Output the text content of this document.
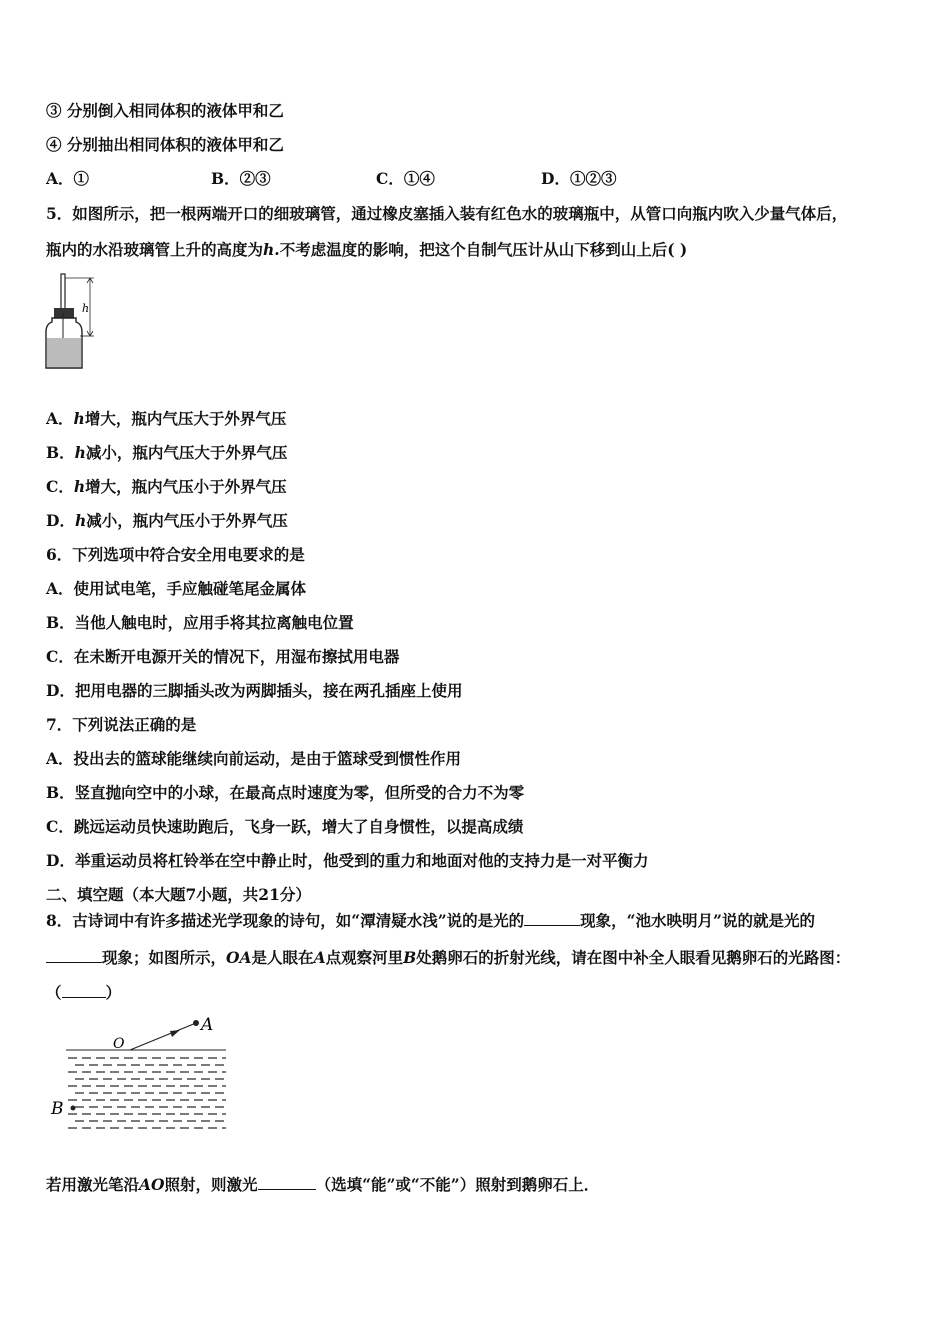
③ 分别倒入相同体积的液体甲和乙
④ 分别抽出相同体积的液体甲和乙
A．①	B．②③	C．①④	D．①②③
5．如图所示，把一根两端开口的细玻璃管，通过橡皮塞插入装有红色水的玻璃瓶中，从管口向瓶内吹入少量气体后，
瓶内的水沿玻璃管上升的高度为h.不考虑温度的影响，把这个自制气压计从山下移到山上后( )
h
A．h增大，瓶内气压大于外界气压
B．h减小，瓶内气压大于外界气压
C．h增大，瓶内气压小于外界气压
D．h减小，瓶内气压小于外界气压
6．下列选项中符合安全用电要求的是
A．使用试电笔，手应触碰笔尾金属体
B．当他人触电时，应用手将其拉离触电位置
C．在未断开电源开关的情况下，用湿布擦拭用电器
D．把用电器的三脚插头改为两脚插头，接在两孔插座上使用
7．下列说法正确的是
A．投出去的篮球能继续向前运动，是由于篮球受到惯性作用
B．竖直抛向空中的小球，在最高点时速度为零，但所受的合力不为零
C．跳远运动员快速助跑后，飞身一跃，增大了自身惯性，以提高成绩
D．举重运动员将杠铃举在空中静止时，他受到的重力和地面对他的支持力是一对平衡力
二、填空题（本大题7小题，共21分）
8．古诗词中有许多描述光学现象的诗句，如“潭清疑水浅”说的是光的	现象，“池水映明月”说的就是光的
现象；如图所示，OA是人眼在A点观察河里B处鹅卵石的折射光线，请在图中补全人眼看见鹅卵石的光路图：
（	）
O
A
B
若用激光笔沿AO照射，则激光	（选填“能”或“不能”）照射到鹅卵石上．
